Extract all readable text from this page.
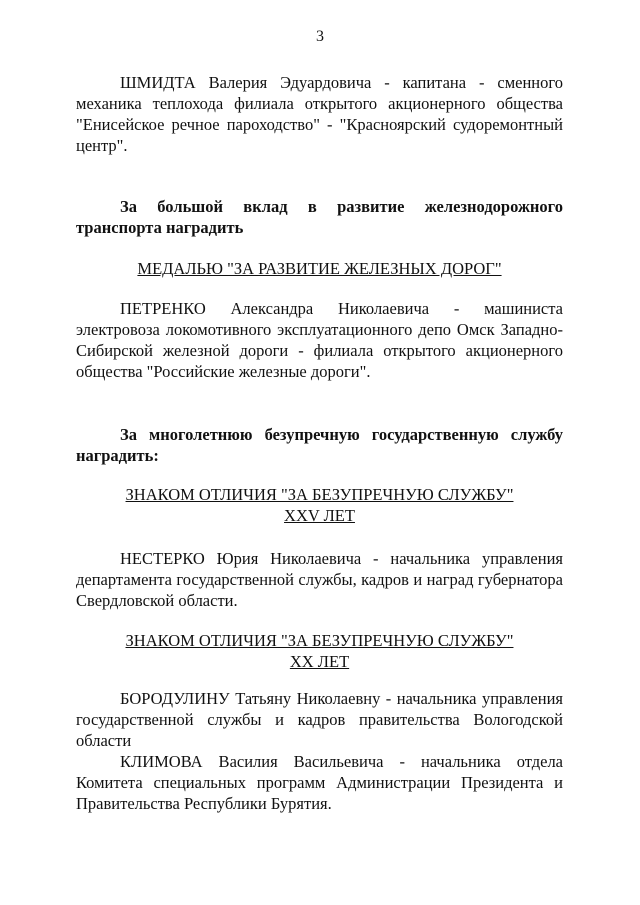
3

ШМИДТА Валерия Эдуардовича - капитана - сменного механика теплохода филиала открытого акционерного общества "Енисейское речное пароходство" - "Красноярский судоремонтный центр".

За большой вклад в развитие железнодорожного транспорта наградить

МЕДАЛЬЮ "ЗА РАЗВИТИЕ ЖЕЛЕЗНЫХ ДОРОГ"

ПЕТРЕНКО Александра Николаевича - машиниста электровоза локомотивного эксплуатационного депо Омск Западно-Сибирской железной дороги - филиала открытого акционерного общества "Российские железные дороги".

За многолетнюю безупречную государственную службу наградить:

ЗНАКОМ ОТЛИЧИЯ "ЗА БЕЗУПРЕЧНУЮ СЛУЖБУ"

XXV ЛЕТ

НЕСТЕРКО Юрия Николаевича - начальника управления департамента государственной службы, кадров и наград губернатора Свердловской области.

ЗНАКОМ ОТЛИЧИЯ "ЗА БЕЗУПРЕЧНУЮ СЛУЖБУ"

XX ЛЕТ

БОРОДУЛИНУ Татьяну Николаевну - начальника управления государственной службы и кадров правительства Вологодской области

КЛИМОВА Василия Васильевича - начальника отдела Комитета специальных программ Администрации Президента и Правительства Республики Бурятия.
